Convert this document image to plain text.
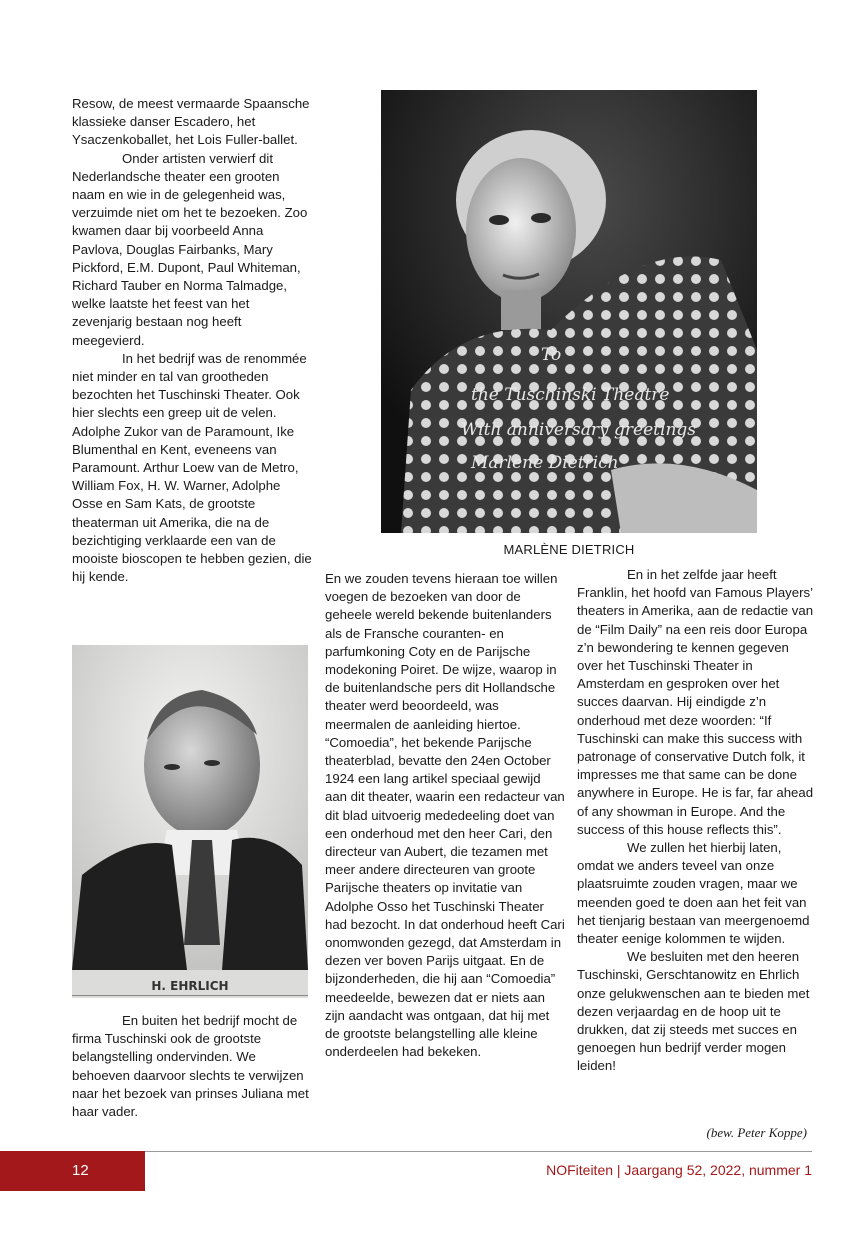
Resow, de meest vermaarde Spaansche klassieke danser Escadero, het Ysaczenkoballet, het Lois Fuller-ballet.

Onder artisten verwierf dit Nederlandsche theater een grooten naam en wie in de gelegenheid was, verzuimde niet om het te bezoeken. Zoo kwamen daar bij voorbeeld Anna Pavlova, Douglas Fairbanks, Mary Pickford, E.M. Dupont, Paul Whiteman, Richard Tauber en Norma Talmadge, welke laatste het feest van het zevenjarig bestaan nog heeft meegevierd.

In het bedrijf was de renommée niet minder en tal van grootheden bezochten het Tuschinski Theater. Ook hier slechts een greep uit de velen. Adolphe Zukor van de Paramount, Ike Blumenthal en Kent, eveneens van Paramount. Arthur Loew van de Metro, William Fox, H. W. Warner, Adolphe Osse en Sam Kats, de grootste theaterman uit Amerika, die na de bezichtiging verklaarde een van de mooiste bioscopen te hebben gezien, die hij kende.

To
the Tuschinski Theatre
With anniversary greetings
Marlene Dietrich
MARLÈNE DIETRICH
H. EHRLICH

En buiten het bedrijf mocht de firma Tuschinski ook de grootste belangstelling ondervinden. We behoeven daarvoor slechts te verwijzen naar het bezoek van prinses Juliana met haar vader.

En we zouden tevens hieraan toe willen voegen de bezoeken van door de geheele wereld bekende buitenlanders als de Fransche couranten- en parfumkoning Coty en de Parijsche modekoning Poiret. De wijze, waarop in de buitenlandsche pers dit Hollandsche theater werd beoordeeld, was meermalen de aanleiding hiertoe. “Comoedia”, het bekende Parijsche theaterblad, bevatte den 24en October 1924 een lang artikel speciaal gewijd aan dit theater, waarin een redacteur van dit blad uitvoerig mededeeling doet van een onderhoud met den heer Cari, den directeur van Aubert, die tezamen met meer andere directeuren van groote Parijsche theaters op invitatie van Adolphe Osso het Tuschinski Theater had bezocht. In dat onderhoud heeft Cari onomwonden gezegd, dat Amsterdam in dezen ver boven Parijs uitgaat. En de bijzonderheden, die hij aan “Comoedia” meedeelde, bewezen dat er niets aan zijn aandacht was ontgaan, dat hij met de grootste belangstelling alle kleine onderdeelen had bekeken.

En in het zelfde jaar heeft Franklin, het hoofd van Famous Players’ theaters in Amerika, aan de redactie van de “Film Daily” na een reis door Europa z’n bewondering te kennen gegeven over het Tuschinski Theater in Amsterdam en gesproken over het succes daarvan. Hij eindigde z’n onderhoud met deze woorden: “If Tuschinski can make this success with patronage of conservative Dutch folk, it impresses me that same can be done anywhere in Europe. He is far, far ahead of any showman in Europe. And the success of this house reflects this”.

We zullen het hierbij laten, omdat we anders teveel van onze plaatsruimte zouden vragen, maar we meenden goed te doen aan het feit van het tienjarig bestaan van meergenoemd theater eenige kolommen te wijden.

We besluiten met den heeren Tuschinski, Gerschtanowitz en Ehrlich onze gelukwenschen aan te bieden met dezen verjaardag en de hoop uit te drukken, dat zij steeds met succes en genoegen hun bedrijf verder mogen leiden!

(bew. Peter Koppe)
12	NOFiteiten | Jaargang 52, 2022, nummer 1
